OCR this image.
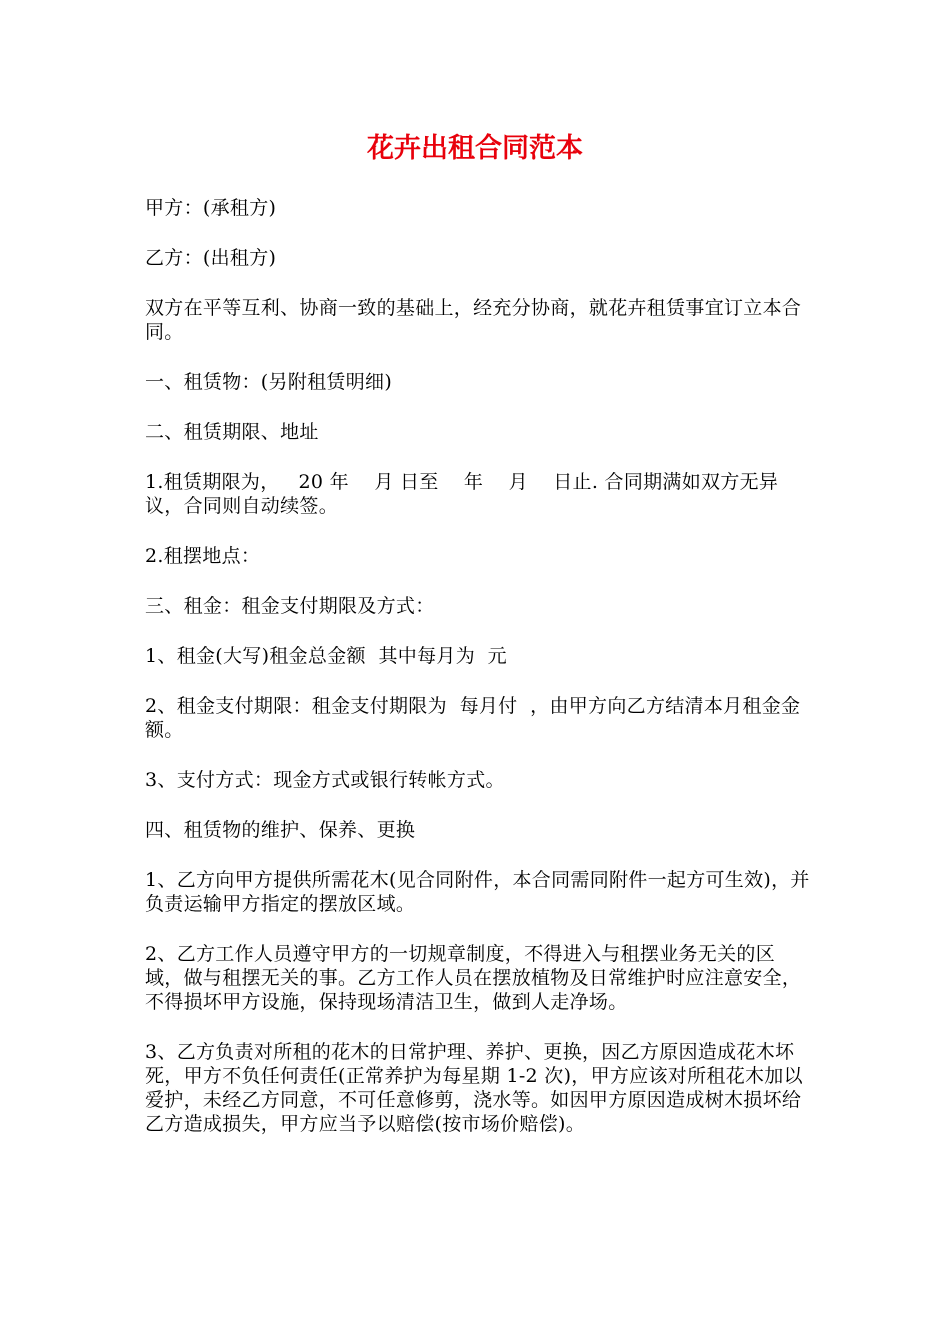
花卉出租合同范本

甲方：(承租方)

乙方：(出租方)

双方在平等互利、协商一致的基础上，经充分协商，就花卉租赁事宜订立本合同。

一、租赁物：(另附租赁明细)

二、租赁期限、地址

1.租赁期限为，   20 年    月 日至    年    月    日止. 合同期满如双方无异议，合同则自动续签。

2.租摆地点：

三、租金：租金支付期限及方式：

1、租金(大写)租金总金额  其中每月为  元

2、租金支付期限：租金支付期限为  每月付  ，由甲方向乙方结清本月租金金额。

3、支付方式：现金方式或银行转帐方式。

四、租赁物的维护、保养、更换

1、乙方向甲方提供所需花木(见合同附件，本合同需同附件一起方可生效)，并负责运输甲方指定的摆放区域。

2、乙方工作人员遵守甲方的一切规章制度，不得进入与租摆业务无关的区域，做与租摆无关的事。乙方工作人员在摆放植物及日常维护时应注意安全，不得损坏甲方设施，保持现场清洁卫生，做到人走净场。

3、乙方负责对所租的花木的日常护理、养护、更换，因乙方原因造成花木坏死，甲方不负任何责任(正常养护为每星期 1-2 次)，甲方应该对所租花木加以爱护，未经乙方同意，不可任意修剪，浇水等。如因甲方原因造成树木损坏给乙方造成损失，甲方应当予以赔偿(按市场价赔偿)。
